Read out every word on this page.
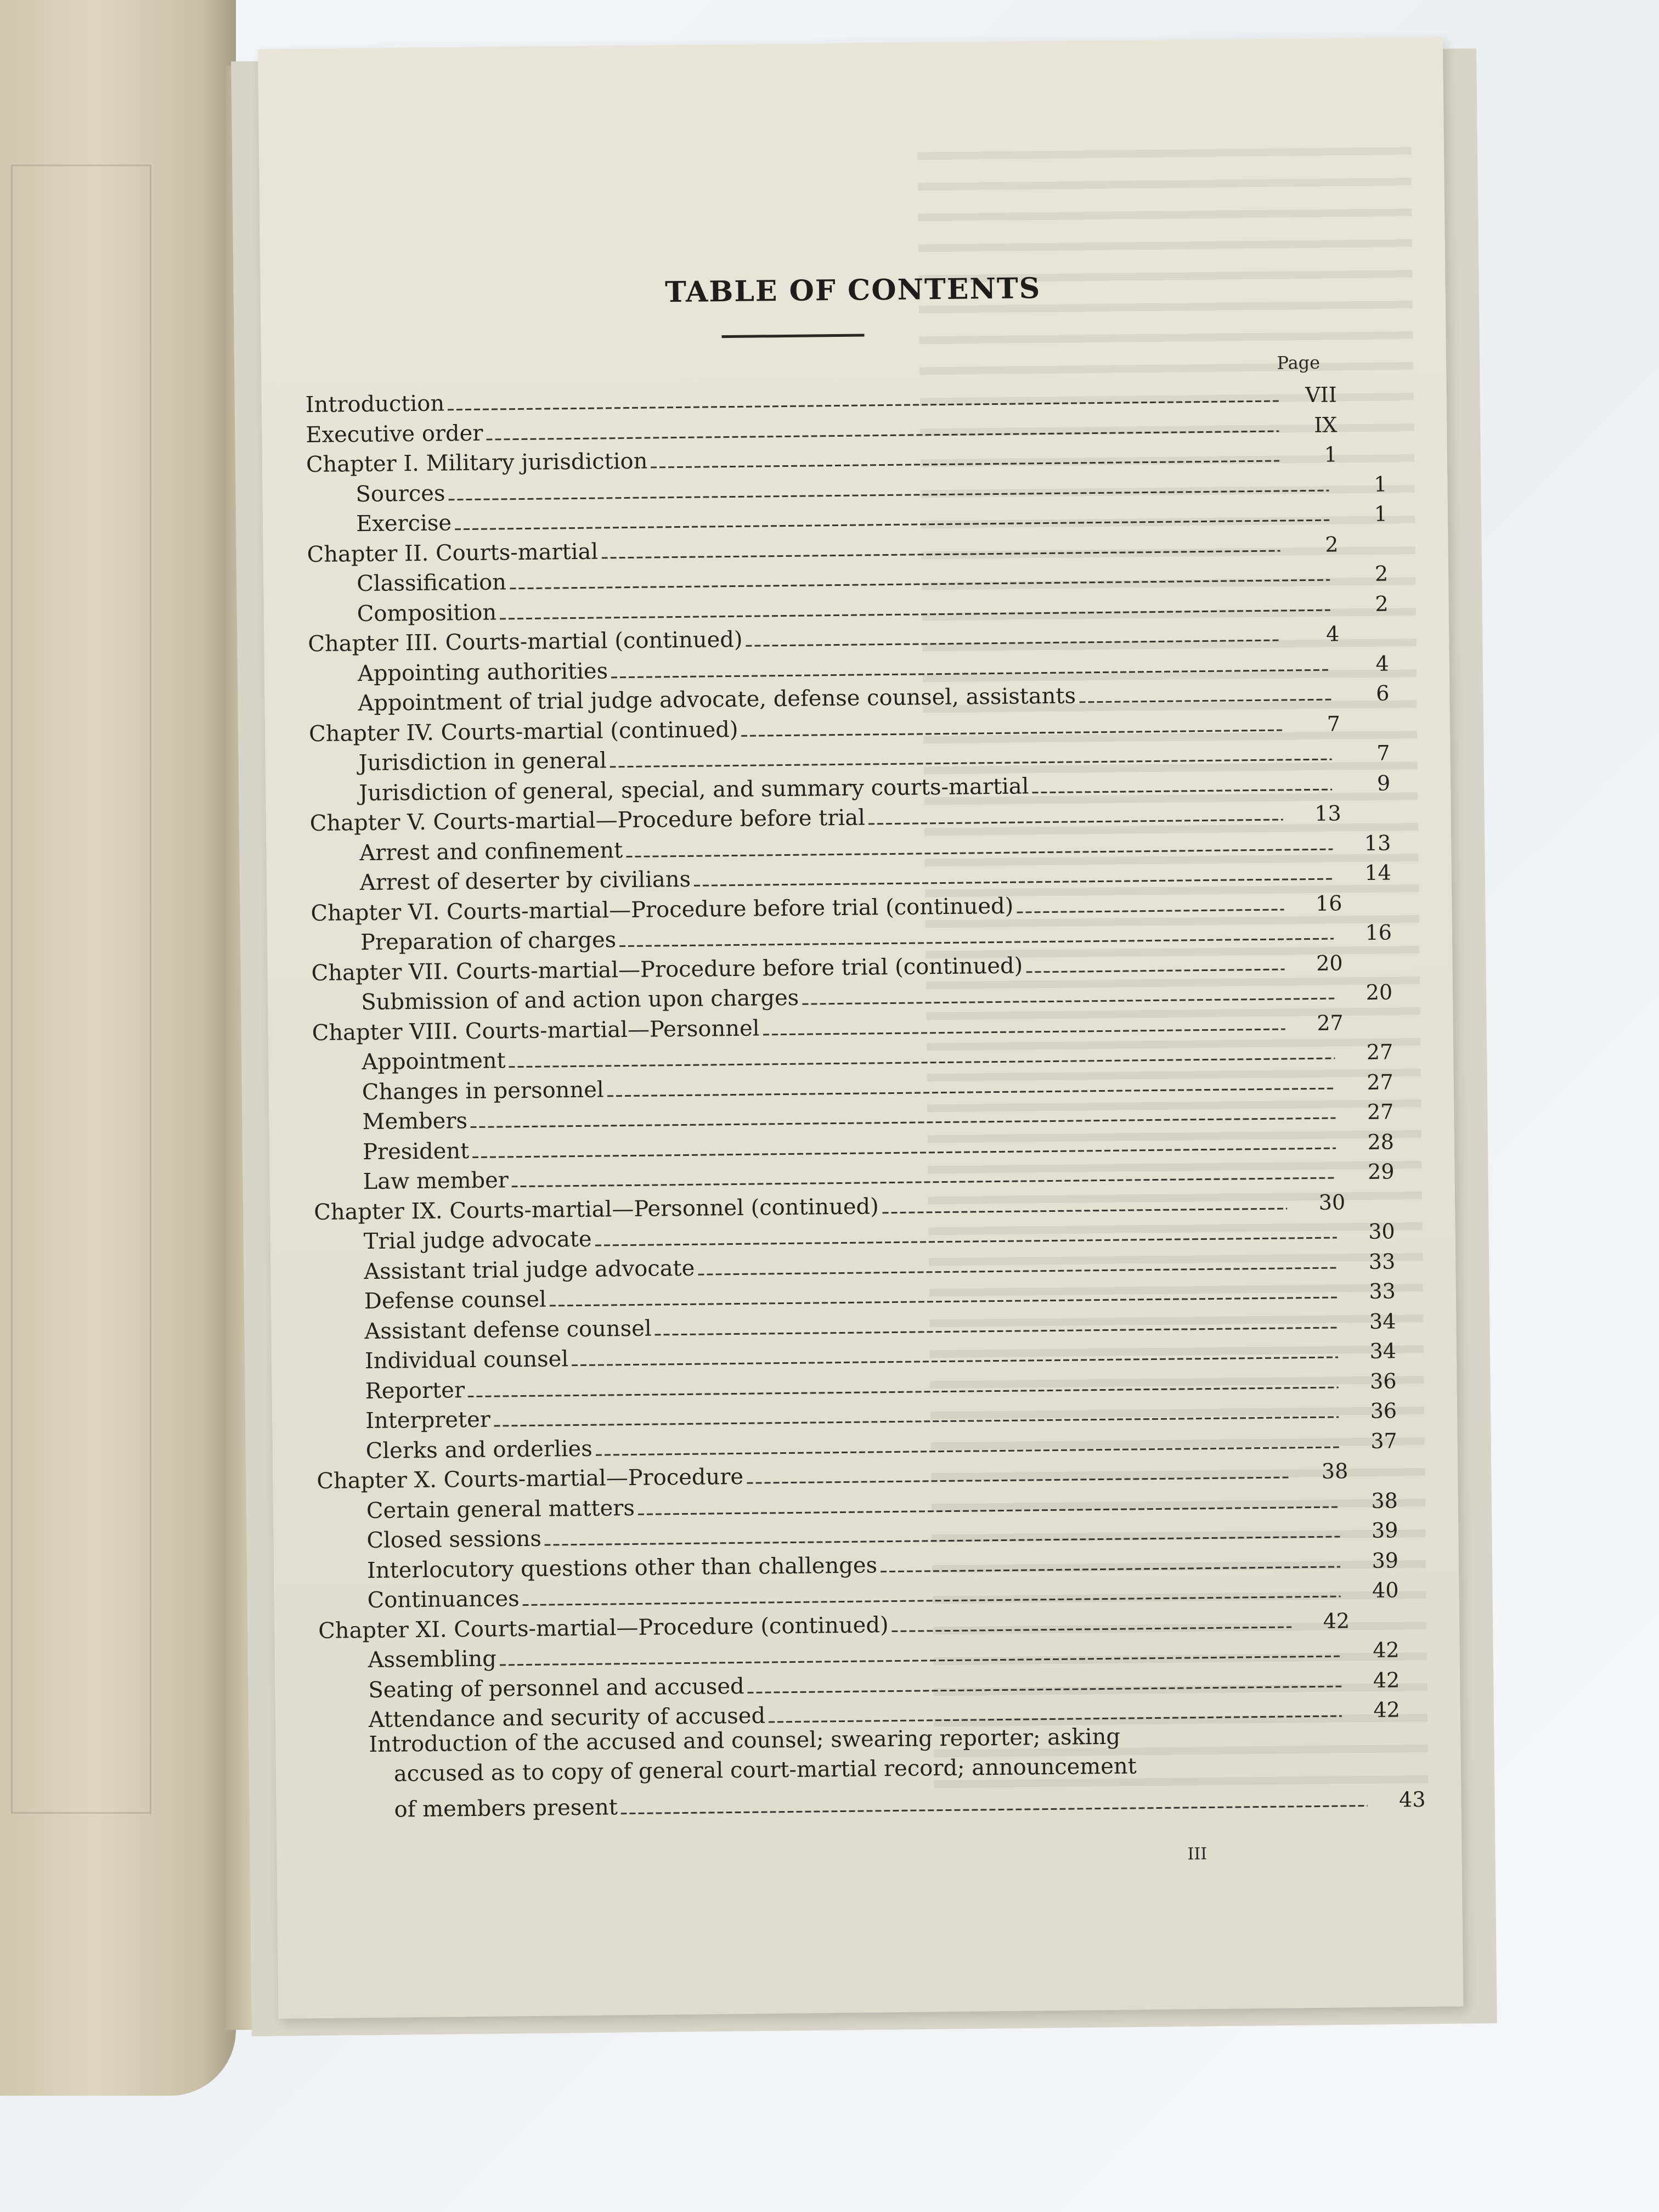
TABLE OF CONTENTS
Page
Introduction	VII
Executive order	IX
Chapter I. Military jurisdiction	1
Sources	1
Exercise	1
Chapter II. Courts-martial	2
Classification	2
Composition	2
Chapter III. Courts-martial (continued)	4
Appointing authorities	4
Appointment of trial judge advocate, defense counsel, assistants	6
Chapter IV. Courts-martial (continued)	7
Jurisdiction in general	7
Jurisdiction of general, special, and summary courts-martial	9
Chapter V. Courts-martial—Procedure before trial	13
Arrest and confinement	13
Arrest of deserter by civilians	14
Chapter VI. Courts-martial—Procedure before trial (continued)	16
Preparation of charges	16
Chapter VII. Courts-martial—Procedure before trial (continued)	20
Submission of and action upon charges	20
Chapter VIII. Courts-martial—Personnel	27
Appointment	27
Changes in personnel	27
Members	27
President	28
Law member	29
Chapter IX. Courts-martial—Personnel (continued)	30
Trial judge advocate	30
Assistant trial judge advocate	33
Defense counsel	33
Assistant defense counsel	34
Individual counsel	34
Reporter	36
Interpreter	36
Clerks and orderlies	37
Chapter X. Courts-martial—Procedure	38
Certain general matters	38
Closed sessions	39
Interlocutory questions other than challenges	39
Continuances	40
Chapter XI. Courts-martial—Procedure (continued)	42
Assembling	42
Seating of personnel and accused	42
Attendance and security of accused	42
Introduction of the accused and counsel; swearing reporter; asking
accused as to copy of general court-martial record; announcement
of members present	43
III
